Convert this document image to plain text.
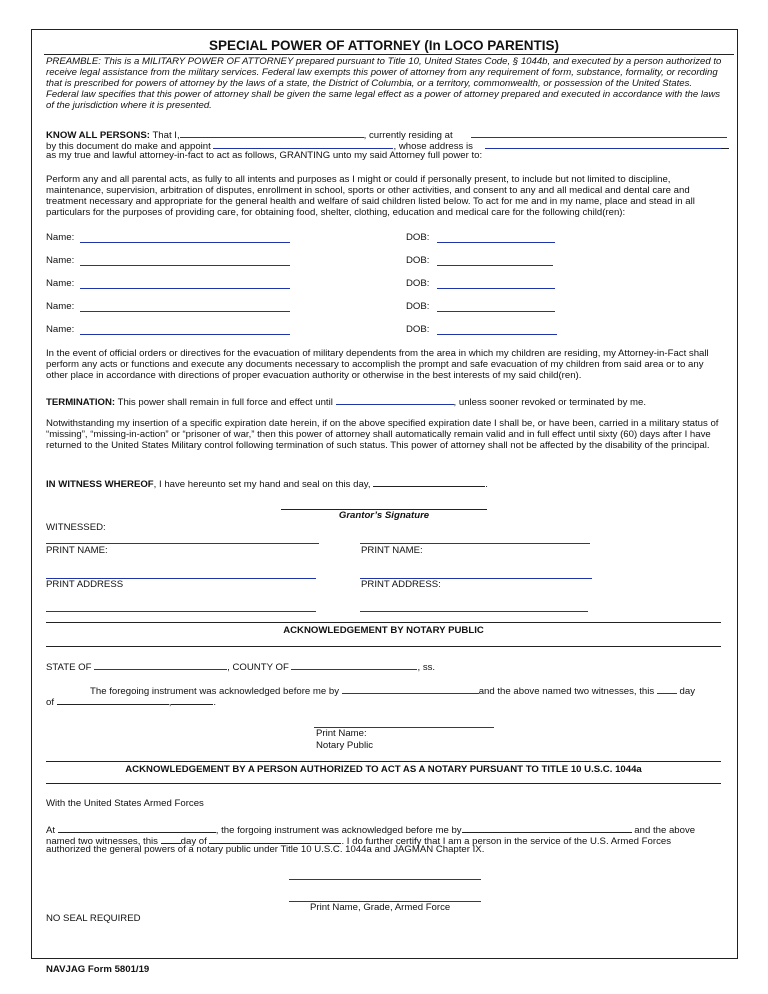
SPECIAL POWER OF ATTORNEY (In LOCO PARENTIS)
PREAMBLE: This is a MILITARY POWER OF ATTORNEY prepared pursuant to Title 10, United States Code, § 1044b, and executed by a person authorized to receive legal assistance from the military services. Federal law exempts this power of attorney from any requirement of form, substance, formality, or recording that is prescribed for powers of attorney by the laws of a state, the District of Columbia, or a territory, commonwealth, or possession of the United States. Federal law specifies that this power of attorney shall be given the same legal effect as a power of attorney prepared and executed in accordance with the laws of the jurisdiction where it is presented.
KNOW ALL PERSONS: That I,	, currently residing at
by this document do make and appoint	, whose address is
as my true and lawful attorney-in-fact to act as follows, GRANTING unto my said Attorney full power to:
Perform any and all parental acts, as fully to all intents and purposes as I might or could if personally present, to include but not limited to discipline, maintenance, supervision, arbitration of disputes, enrollment in school, sports or other activities, and consent to any and all medical and dental care and treatment necessary and appropriate for the general health and welfare of said children listed below. To act for me and in my name, place and stead in all particulars for the purposes of providing care, for obtaining food, shelter, clothing, education and medical care for the following child(ren):
Name:	DOB:
Name:	DOB:
Name:	DOB:
Name:	DOB:
Name:	DOB:
In the event of official orders or directives for the evacuation of military dependents from the area in which my children are residing, my Attorney-in-Fact shall perform any acts or functions and execute any documents necessary to accomplish the prompt and safe evacuation of my children from said area or to any other place in accordance with directions of proper evacuation authority or otherwise in the best interests of my said child(ren).
TERMINATION: This power shall remain in full force and effect until	, unless sooner revoked or terminated by me.
Notwithstanding my insertion of a specific expiration date herein, if on the above specified expiration date I shall be, or have been, carried in a military status of “missing”, “missing-in-action” or “prisoner of war,” then this power of attorney shall automatically remain valid and in full effect until sixty (60) days after I have returned to the United States Military control following termination of such status. This power of attorney shall not be affected by the disability of the principal.
IN WITNESS WHEREOF, I have hereunto set my hand and seal on this day,	.
Grantor’s Signature
WITNESSED:
PRINT NAME:	PRINT NAME:
PRINT ADDRESS	PRINT ADDRESS:
ACKNOWLEDGEMENT BY NOTARY PUBLIC
STATE OF	, COUNTY OF	, ss.
The foregoing instrument was acknowledged before me by	and the above named two witnesses, this	day
of	,	.
Print Name:
Notary Public
ACKNOWLEDGEMENT BY A PERSON AUTHORIZED TO ACT AS A NOTARY PURSUANT TO TITLE 10 U.S.C. 1044a
With the United States Armed Forces
At	, the forgoing instrument was acknowledged before me by	and the above
named two witnesses, this day of	. I do further certify that I am a person in the service of the U.S. Armed Forces
authorized the general powers of a notary public under Title 10 U.S.C. 1044a and JAGMAN Chapter IX.
Print Name, Grade, Armed Force
NO SEAL REQUIRED
NAVJAG Form 5801/19
